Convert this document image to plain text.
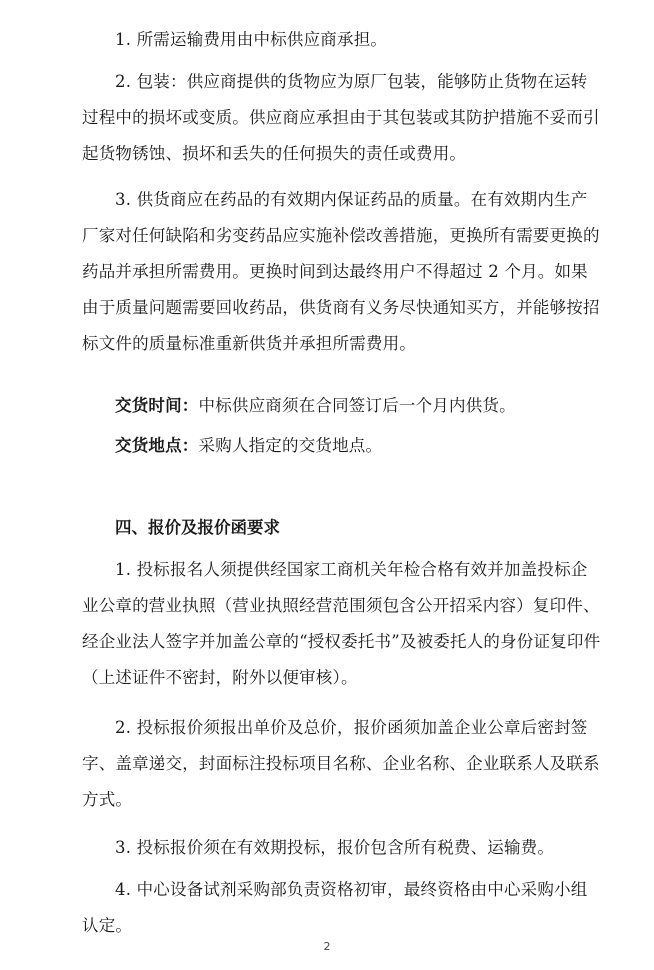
1. 所需运输费用由中标供应商承担。

2. 包装：供应商提供的货物应为原厂包装，能够防止货物在运转过程中的损坏或变质。供应商应承担由于其包装或其防护措施不妥而引起货物锈蚀、损坏和丢失的任何损失的责任或费用。

3. 供货商应在药品的有效期内保证药品的质量。在有效期内生产厂家对任何缺陷和劣变药品应实施补偿改善措施，更换所有需要更换的药品并承担所需费用。更换时间到达最终用户不得超过 2 个月。如果由于质量问题需要回收药品，供货商有义务尽快通知买方，并能够按招标文件的质量标准重新供货并承担所需费用。

交货时间：中标供应商须在合同签订后一个月内供货。

交货地点：采购人指定的交货地点。

四、报价及报价函要求

1. 投标报名人须提供经国家工商机关年检合格有效并加盖投标企业公章的营业执照（营业执照经营范围须包含公开招采内容）复印件、经企业法人签字并加盖公章的“授权委托书”及被委托人的身份证复印件（上述证件不密封，附外以便审核）。

2. 投标报价须报出单价及总价，报价函须加盖企业公章后密封签字、盖章递交，封面标注投标项目名称、企业名称、企业联系人及联系方式。

3. 投标报价须在有效期投标，报价包含所有税费、运输费。

4. 中心设备试剂采购部负责资格初审，最终资格由中心采购小组认定。

2
